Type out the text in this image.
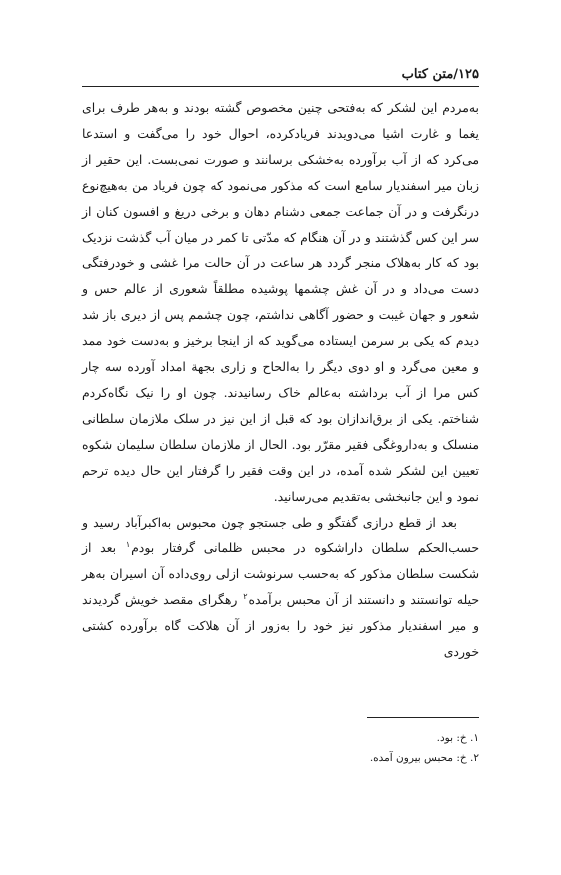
۱۲۵/متن کتاب

به‌مردم این لشکر که به‌فتحی چنین مخصوص گشته بودند و به‌هر طرف برای یغما و غارت اشیا می‌دویدند فریادکرده، احوال خود را می‌گفت و استدعا می‌کرد که از آب برآورده به‌خشکی برسانند و صورت نمی‌بست. این حقیر از زبان میر اسفندیار سامع است که مذکور می‌نمود که چون فریاد من به‌هیچ‌نوع درنگرفت و در آن جماعت جمعی دشنام دهان و برخی دریغ و افسون کنان از سر این کس گذشتند و در آن هنگام که مدّتی تا کمر در میان آب گذشت نزدیک بود که کار به‌هلاک منجر گردد هر ساعت در آن حالت مرا غشی و خودرفتگی دست می‌داد و در آن غش چشمها پوشیده مطلقاً شعوری از عالم حس و شعور و جهان غیبت و حضور آگاهی نداشتم، چون چشمم پس از دیری باز شد دیدم که یکی بر سرمن ایستاده می‌گوید که از اینجا برخیز و به‌دست خود ممد و معین می‌گرد و او دوی دیگر را به‌الحاح و زاری بجهة امداد آورده سه چار کس مرا از آب برداشته به‌عالم خاک رسانیدند. چون او را نیک نگاه‌کردم شناختم. یکی از برق‌اندازان بود که قبل از این نیز در سلک ملازمان سلطانی منسلک و به‌داروغگی فقیر مقرّر بود. الحال از ملازمان سلطان سلیمان شکوه تعیین این لشکر شده آمده، در این وقت فقیر را گرفتار این حال دیده ترحم نمود و این جانبخشی به‌تقدیم می‌رسانید.

بعد از قطع درازی گفتگو و طی جستجو چون محبوس به‌اکبرآباد رسید و حسب‌الحکم سلطان داراشکوه در محبس ظلمانی گرفتار بودم$^۱$ بعد از شکست سلطان مذکور که به‌حسب سرنوشت ازلی روی‌داده آن اسیران به‌هر حیله توانستند و دانستند از آن محبس برآمده$^۲$ رهگرای مقصد خویش گردیدند و میر اسفندیار مذکور نیز خود را به‌زور از آن هلاکت گاه برآورده کشتی خوردی

۱. خ: بود.

۲. خ: محبس بیرون آمده.
